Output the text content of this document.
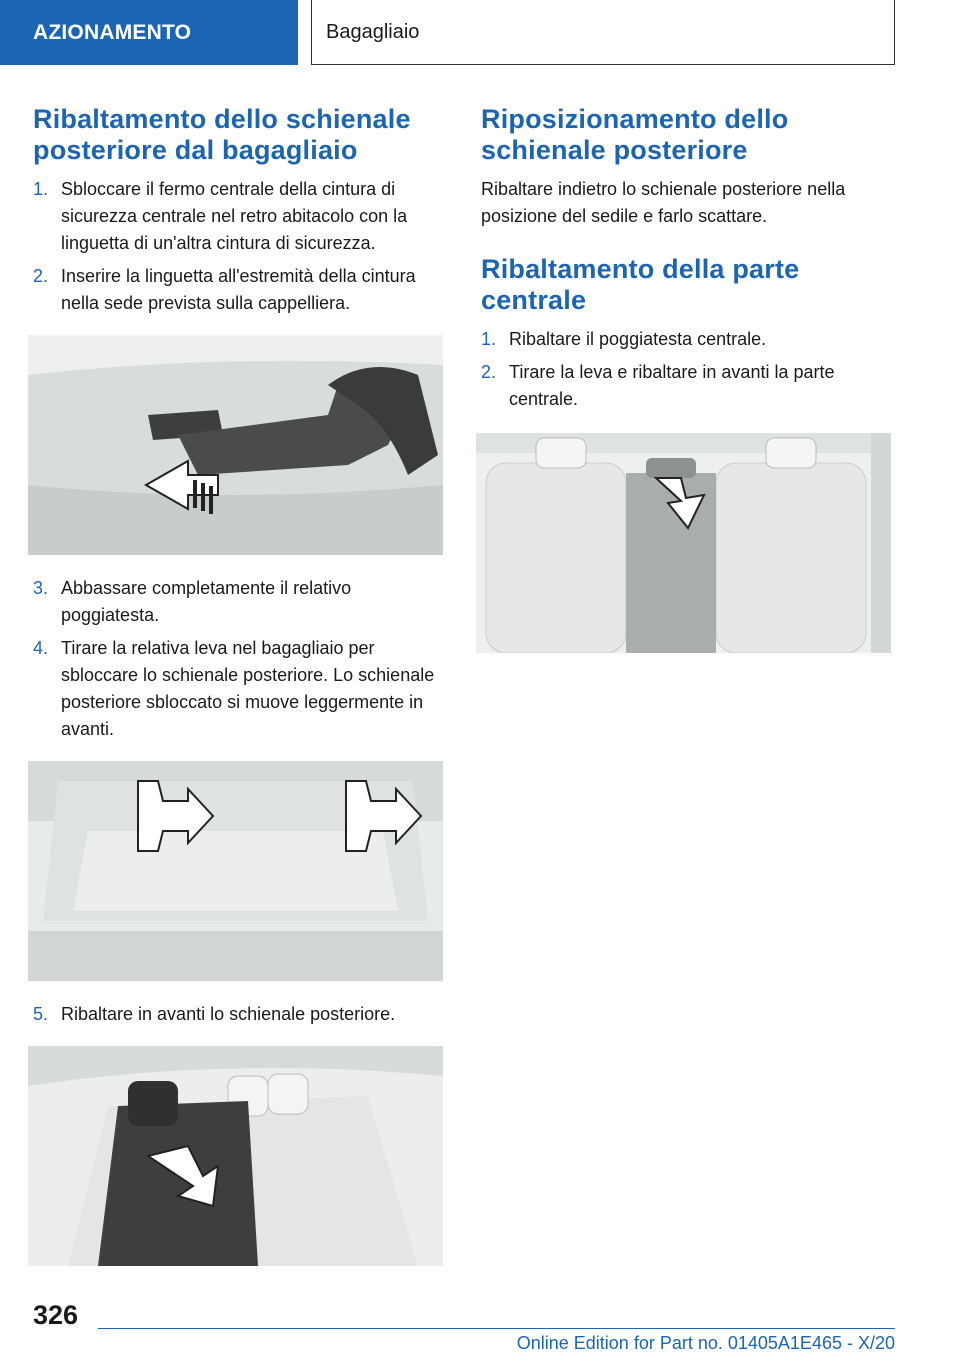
AZIONAMENTO	Bagagliaio
Ribaltamento dello schienale posteriore dal bagagliaio
1. Sbloccare il fermo centrale della cintura di sicurezza centrale nel retro abitacolo con la linguetta di un'altra cintura di sicurezza.
2. Inserire la linguetta all'estremità della cintura nella sede prevista sulla cappelliera.
3. Abbassare completamente il relativo poggiatesta.
4. Tirare la relativa leva nel bagagliaio per sbloccare lo schienale posteriore. Lo schienale posteriore sbloccato si muove leggermente in avanti.
5. Ribaltare in avanti lo schienale posteriore.
Riposizionamento dello schienale posteriore

Ribaltare indietro lo schienale posteriore nella posizione del sedile e farlo scattare.

Ribaltamento della parte centrale
1. Ribaltare il poggiatesta centrale.
2. Tirare la leva e ribaltare in avanti la parte centrale.
326
Online Edition for Part no. 01405A1E465 - X/20
